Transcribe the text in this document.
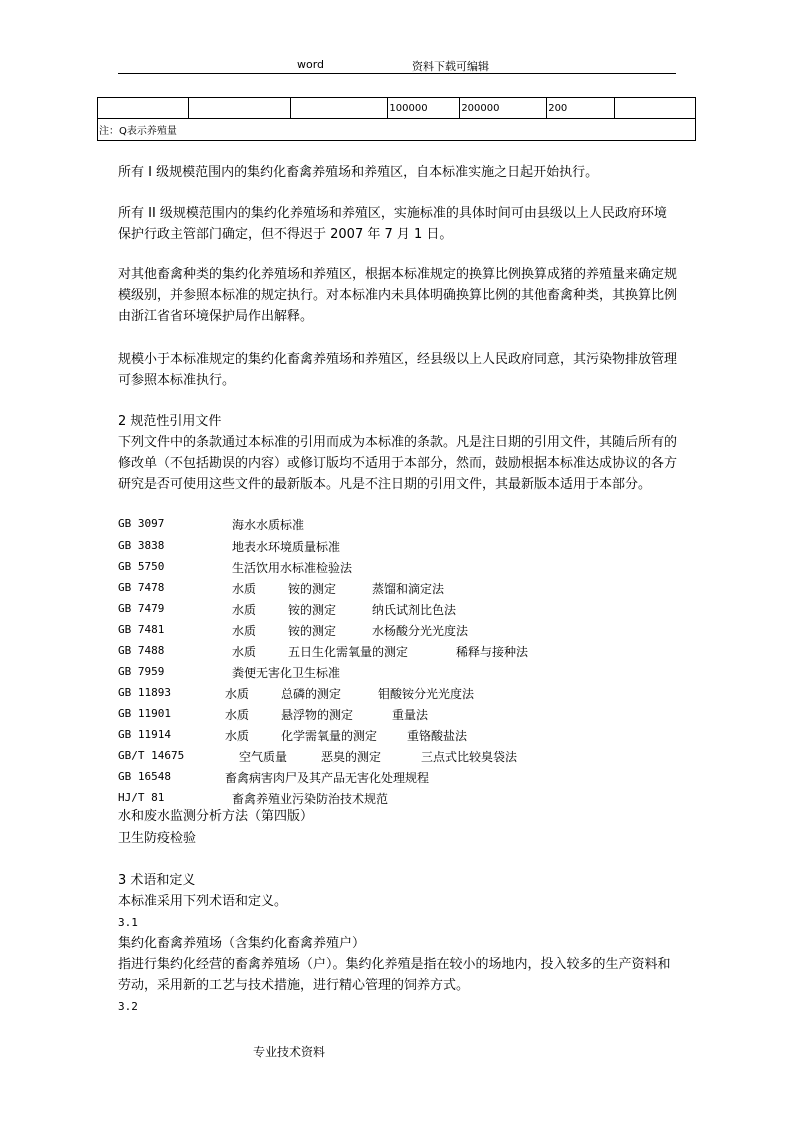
word	资料下载可编辑
			100000	200000	200	
注：Q表示养殖量
所有 I 级规模范围内的集约化畜禽养殖场和养殖区，自本标准实施之日起开始执行。
所有 II 级规模范围内的集约化养殖场和养殖区，实施标准的具体时间可由县级以上人民政府环境保护行政主管部门确定，但不得迟于 2007 年 7 月 1 日。
对其他畜禽种类的集约化养殖场和养殖区，根据本标准规定的换算比例换算成猪的养殖量来确定规模级别，并参照本标准的规定执行。对本标准内未具体明确换算比例的其他畜禽种类，其换算比例由浙江省省环境保护局作出解释。
规模小于本标准规定的集约化畜禽养殖场和养殖区，经县级以上人民政府同意，其污染物排放管理可参照本标准执行。
2 规范性引用文件
下列文件中的条款通过本标准的引用而成为本标准的条款。凡是注日期的引用文件，其随后所有的修改单（不包括勘误的内容）或修订版均不适用于本部分，然而，鼓励根据本标准达成协议的各方研究是否可使用这些文件的最新版本。凡是不注日期的引用文件，其最新版本适用于本部分。
GB 3097	海水水质标准
GB 3838	地表水环境质量标准
GB 5750	生活饮用水标准检验法
GB 7478	水质	铵的测定	蒸馏和滴定法
GB 7479	水质	铵的测定	纳氏试剂比色法
GB 7481	水质	铵的测定	水杨酸分光光度法
GB 7488	水质	五日生化需氧量的测定	稀释与接种法
GB 7959	粪便无害化卫生标准
GB 11893	水质	总磷的测定	钼酸铵分光光度法
GB 11901	水质	悬浮物的测定	重量法
GB 11914	水质	化学需氧量的测定 重铬酸盐法
GB/T 14675	空气质量	恶臭的测定	三点式比较臭袋法
GB 16548	畜禽病害肉尸及其产品无害化处理规程
HJ/T 81	畜禽养殖业污染防治技术规范
水和废水监测分析方法（第四版）
卫生防疫检验
3 术语和定义
本标准采用下列术语和定义。
3.1
集约化畜禽养殖场（含集约化畜禽养殖户）
指进行集约化经营的畜禽养殖场（户）。集约化养殖是指在较小的场地内，投入较多的生产资料和劳动，采用新的工艺与技术措施，进行精心管理的饲养方式。
3.2
专业技术资料
